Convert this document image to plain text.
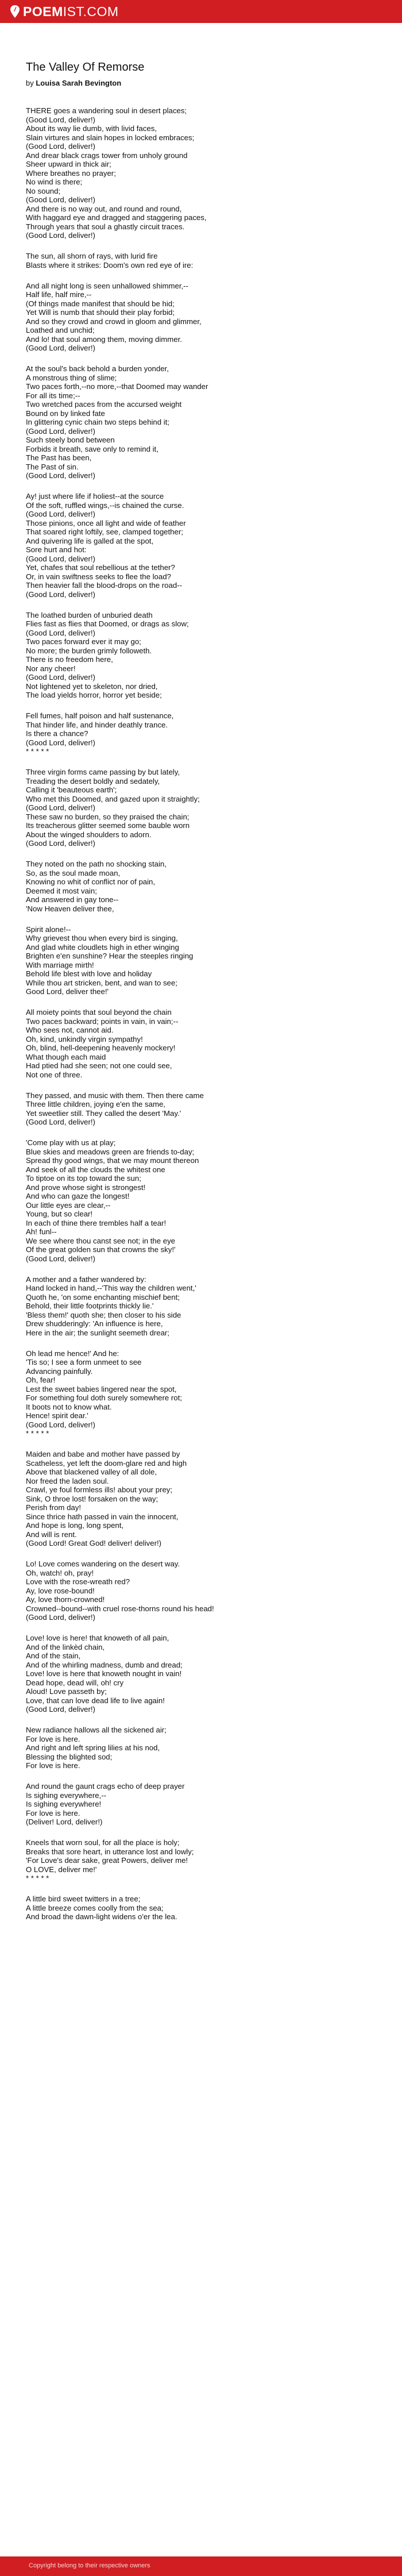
POEMIST.COM
The Valley Of Remorse
by Louisa Sarah Bevington
THERE goes a wandering soul in desert places;
(Good Lord, deliver!)
About its way lie dumb, with livid faces,
Slain virtures and slain hopes in locked embraces;
(Good Lord, deliver!)
And drear black crags tower from unholy ground
Sheer upward in thick air;
Where breathes no prayer;
No wind is there;
No sound;
(Good Lord, deliver!)
And there is no way out, and round and round,
With haggard eye and dragged and staggering paces,
Through years that soul a ghastly circuit traces.
(Good Lord, deliver!)
The sun, all shorn of rays, with lurid fire
Blasts where it strikes: Doom's own red eye of ire:
And all night long is seen unhallowed shimmer,--
Half life, half mire,--
(Of things made manifest that should be hid;
Yet Will is numb that should their play forbid;
And so they crowd and crowd in gloom and glimmer,
Loathed and unchid;
And lo! that soul among them, moving dimmer.
(Good Lord, deliver!)
At the soul's back behold a burden yonder,
A monstrous thing of slime;
Two paces forth,--no more,--that Doomed may wander
For all its time;--
Two wretched paces from the accursed weight
Bound on by linked fate
In glittering cynic chain two steps behind it;
(Good Lord, deliver!)
Such steely bond between
Forbids it breath, save only to remind it,
The Past has been,
The Past of sin.
(Good Lord, deliver!)
Ay! just where life if holiest--at the source
Of the soft, ruffled wings,--is chained the curse.
(Good Lord, deliver!)
Those pinions, once all light and wide of feather
That soared right loftily, see, clamped together;
And quivering life is galled at the spot,
Sore hurt and hot:
(Good Lord, deliver!)
Yet, chafes that soul rebellious at the tether?
Or, in vain swiftness seeks to flee the load?
Then heavier fall the blood-drops on the road--
(Good Lord, deliver!)
The loathed burden of unburied death
Flies fast as flies that Doomed, or drags as slow;
(Good Lord, deliver!)
Two paces forward ever it may go;
No more; the burden grimly followeth.
There is no freedom here,
Nor any cheer!
(Good Lord, deliver!)
Not lightened yet to skeleton, nor dried,
The load yields horror, horror yet beside;
Fell fumes, half poison and half sustenance,
That hinder life, and hinder deathly trance.
Is there a chance?
(Good Lord, deliver!)
* * * * *
Three virgin forms came passing by but lately,
Treading the desert boldly and sedately,
Calling it 'beauteous earth';
Who met this Doomed, and gazed upon it straightly;
(Good Lord, deliver!)
These saw no burden, so they praised the chain;
Its treacherous glitter seemed some bauble worn
About the winged shoulders to adorn.
(Good Lord, deliver!)
They noted on the path no shocking stain,
So, as the soul made moan,
Knowing no whit of conflict nor of pain,
Deemed it most vain;
And answered in gay tone--
'Now Heaven deliver thee,
Spirit alone!--
Why grievest thou when every bird is singing,
And glad white cloudlets high in ether winging
Brighten e'en sunshine? Hear the steeples ringing
With marriage mirth!
Behold life blest with love and holiday
While thou art stricken, bent, and wan to see;
Good Lord, deliver thee!'
All moiety points that soul beyond the chain
Two paces backward; points in vain, in vain;--
Who sees not, cannot aid.
Oh, kind, unkindly virgin sympathy!
Oh, blind, hell-deepening heavenly mockery!
What though each maid
Had ptied had she seen; not one could see,
Not one of three.
They passed, and music with them. Then there came
Three little children, joying e'en the same,
Yet sweetlier still. They called the desert 'May.'
(Good Lord, deliver!)
'Come play with us at play;
Blue skies and meadows green are friends to-day;
Spread thy good wings, that we may mount thereon
And seek of all the clouds the whitest one
To tiptoe on its top toward the sun;
And prove whose sight is strongest!
And who can gaze the longest!
Our little eyes are clear,--
Young, but so clear!
In each of thine there trembles half a tear!
Ah! funl--
We see where thou canst see not; in the eye
Of the great golden sun that crowns the sky!'
(Good Lord, deliver!)
A mother and a father wandered by:
Hand locked in hand,--'This way the children went,'
Quoth he, 'on some enchanting mischief bent;
Behold, their little footprints thickly lie.'
'Bless them!' quoth she; then closer to his side
Drew shudderingly: 'An influence is here,
Here in the air; the sunlight seemeth drear;
Oh lead me hence!' And he:
'Tis so; I see a form unmeet to see
Advancing painfully.
Oh, fear!
Lest the sweet babies lingered near the spot,
For something foul doth surely somewhere rot;
It boots not to know what.
Hence! spirit dear.'
(Good Lord, deliver!)
* * * * *
Maiden and babe and mother have passed by
Scatheless, yet left the doom-glare red and high
Above that blackened valley of all dole,
Nor freed the laden soul.
Crawl, ye foul formless ills! about your prey;
Sink, O throe lost! forsaken on the way;
Perish from day!
Since thrice hath passed in vain the innocent,
And hope is long, long spent,
And will is rent.
(Good Lord! Great God! deliver! deliver!)
Lo! Love comes wandering on the desert way.
Oh, watch! oh, pray!
Love with the rose-wreath red?
Ay, love rose-bound!
Ay, love thorn-crowned!
Crowned--bound--with cruel rose-thorns round his head!
(Good Lord, deliver!)
Love! love is here! that knoweth of all pain,
And of the linkèd chain,
And of the stain,
And of the whirling madness, dumb and dread;
Love! love is here that knoweth nought in vain!
Dead hope, dead will, oh! cry
Aloud! Love passeth by;
Love, that can love dead life to live again!
(Good Lord, deliver!)
New radiance hallows all the sickened air;
For love is here.
And right and left spring lilies at his nod,
Blessing the blighted sod;
For love is here.
And round the gaunt crags echo of deep prayer
Is sighing everywhere,--
Is sighing everywhere!
For love is here.
(Deliver! Lord, deliver!)
Kneels that worn soul, for all the place is holy;
Breaks that sore heart, in utterance lost and lowly;
'For Love's dear sake, great Powers, deliver me!
O LOVE, deliver me!'
* * * * *
A little bird sweet twitters in a tree;
A little breeze comes coolly from the sea;
And broad the dawn-light widens o'er the lea.
Copyright belong to their respective owners
